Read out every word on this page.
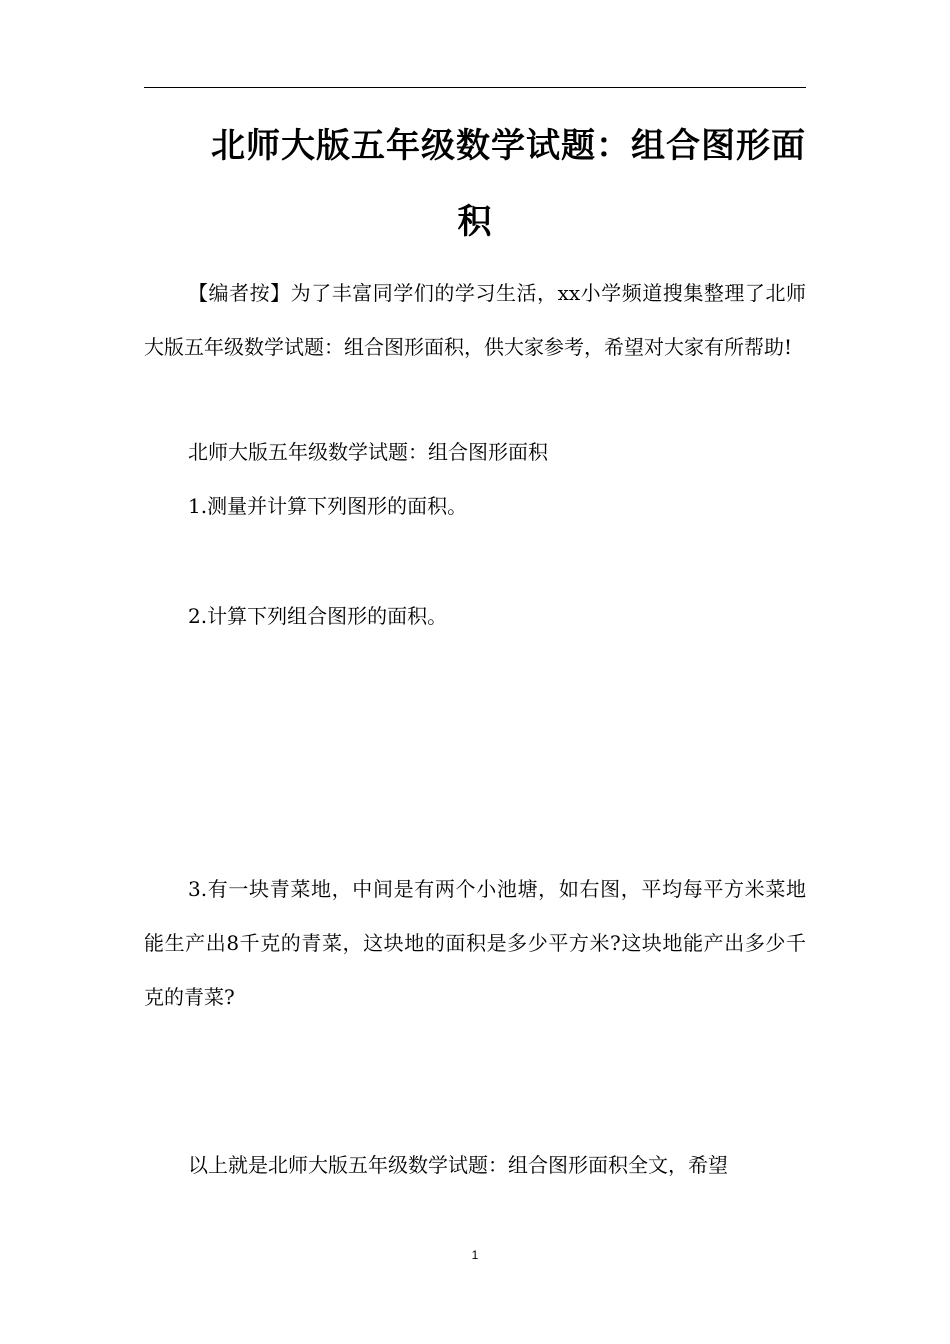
北师大版五年级数学试题：组合图形面
积

【编者按】为了丰富同学们的学习生活，xx小学频道搜集整理了北师大版五年级数学试题：组合图形面积，供大家参考，希望对大家有所帮助!

北师大版五年级数学试题：组合图形面积

1.测量并计算下列图形的面积。

2.计算下列组合图形的面积。

3.有一块青菜地，中间是有两个小池塘，如右图，平均每平方米菜地能生产出8千克的青菜，这块地的面积是多少平方米?这块地能产出多少千克的青菜?

以上就是北师大版五年级数学试题：组合图形面积全文，希望

1
